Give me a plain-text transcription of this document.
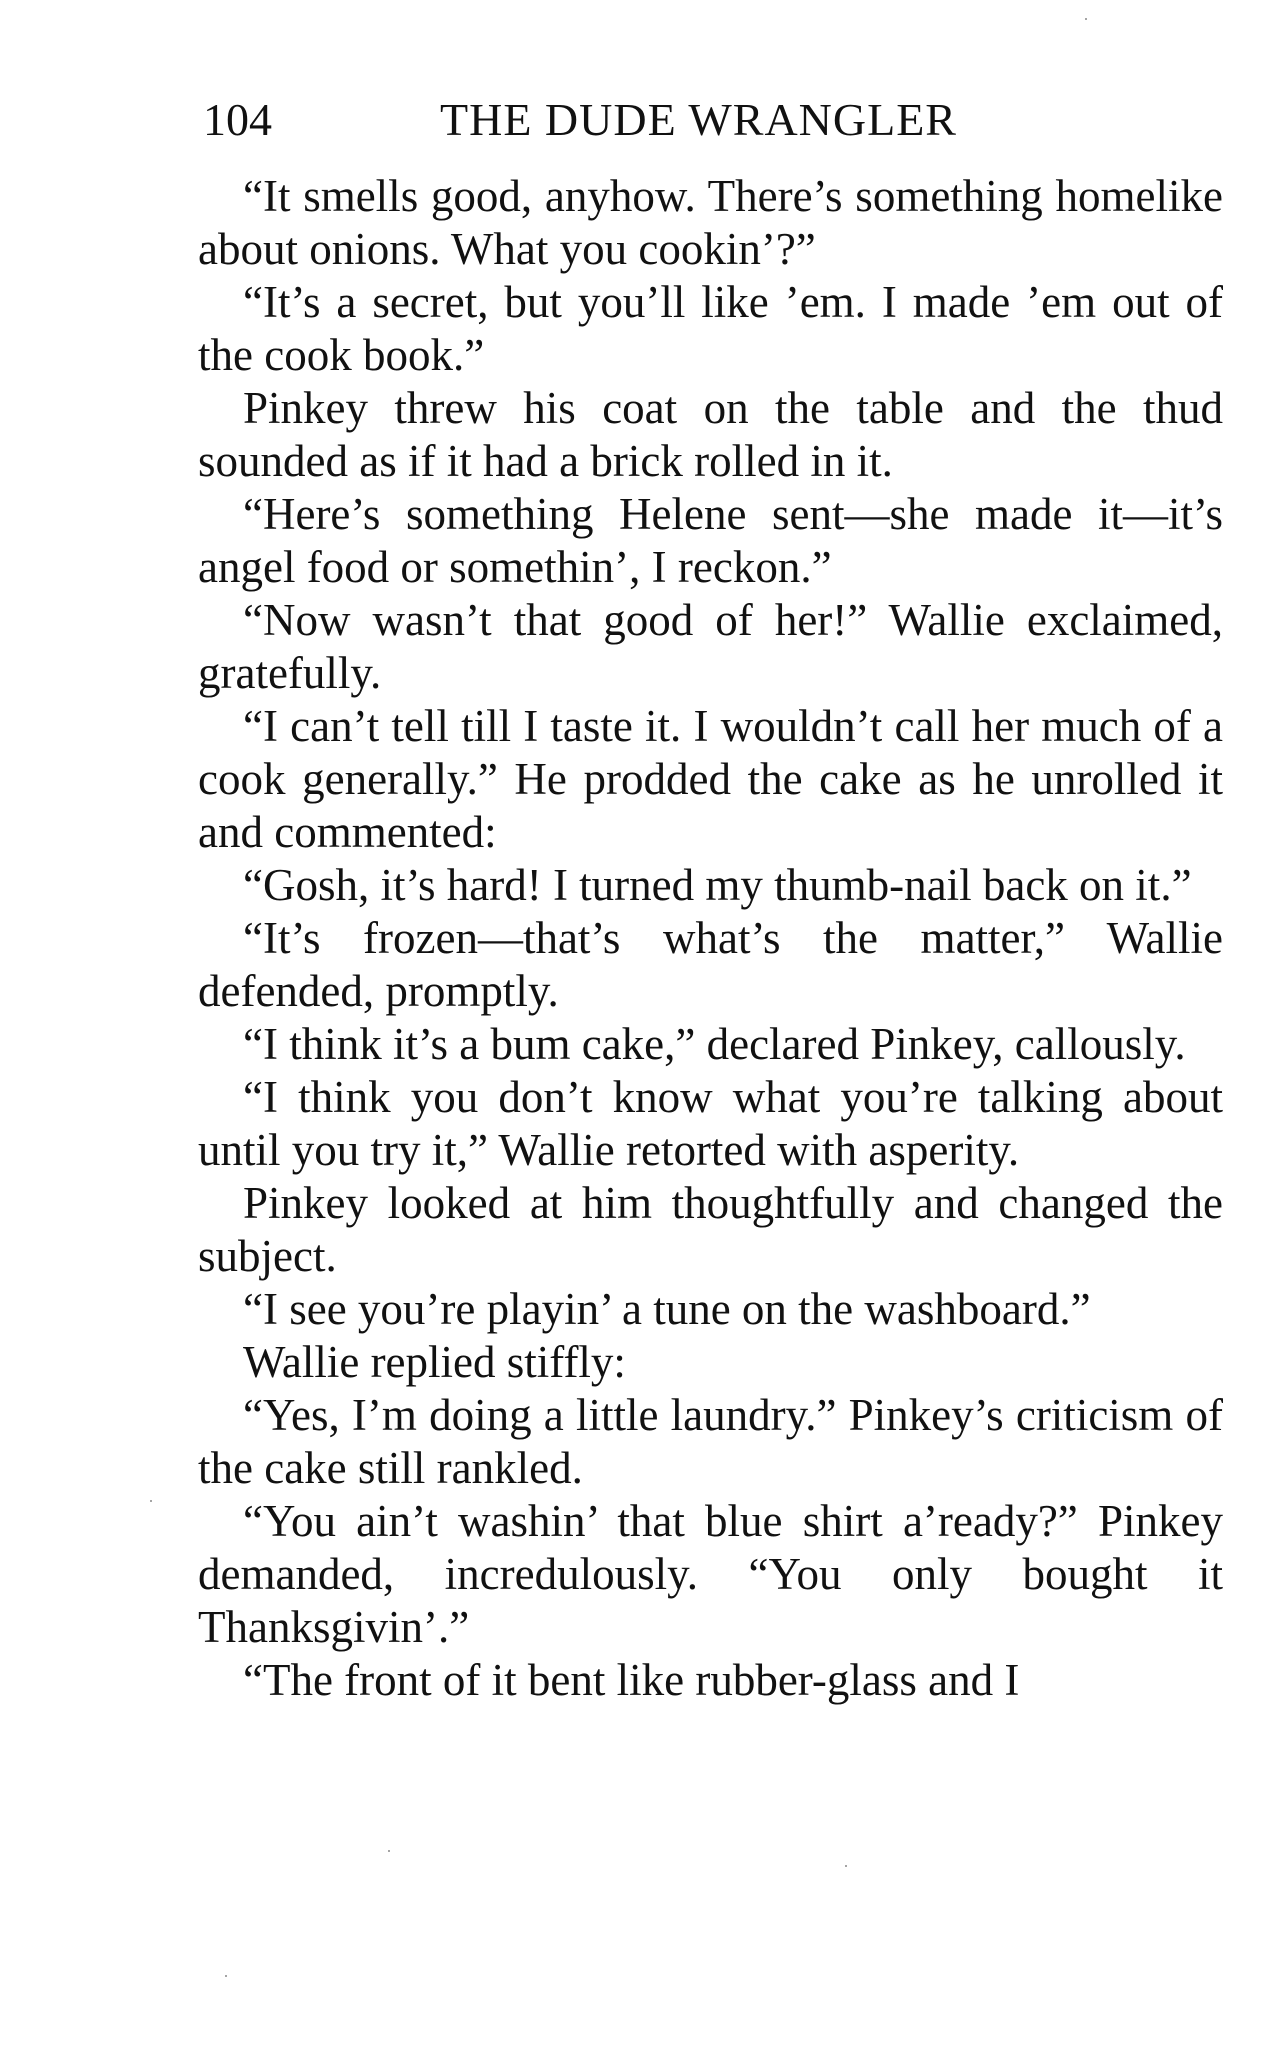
104	THE DUDE WRANGLER

“It smells good, anyhow. There’s something homelike about onions. What you cookin’?”

“It’s a secret, but you’ll like ’em. I made ’em out of the cook book.”

Pinkey threw his coat on the table and the thud sounded as if it had a brick rolled in it.

“Here’s something Helene sent—she made it—it’s angel food or somethin’, I reckon.”

“Now wasn’t that good of her!” Wallie exclaimed, gratefully.

“I can’t tell till I taste it. I wouldn’t call her much of a cook generally.” He prodded the cake as he unrolled it and commented:

“Gosh, it’s hard! I turned my thumb-nail back on it.”

“It’s frozen—that’s what’s the matter,” Wallie defended, promptly.

“I think it’s a bum cake,” declared Pinkey, callously.

“I think you don’t know what you’re talking about until you try it,” Wallie retorted with asperity.

Pinkey looked at him thoughtfully and changed the subject.

“I see you’re playin’ a tune on the washboard.”

Wallie replied stiffly:

“Yes, I’m doing a little laundry.” Pinkey’s criticism of the cake still rankled.

“You ain’t washin’ that blue shirt a’ready?” Pinkey demanded, incredulously. “You only bought it Thanksgivin’.”

“The front of it bent like rubber-glass and I
